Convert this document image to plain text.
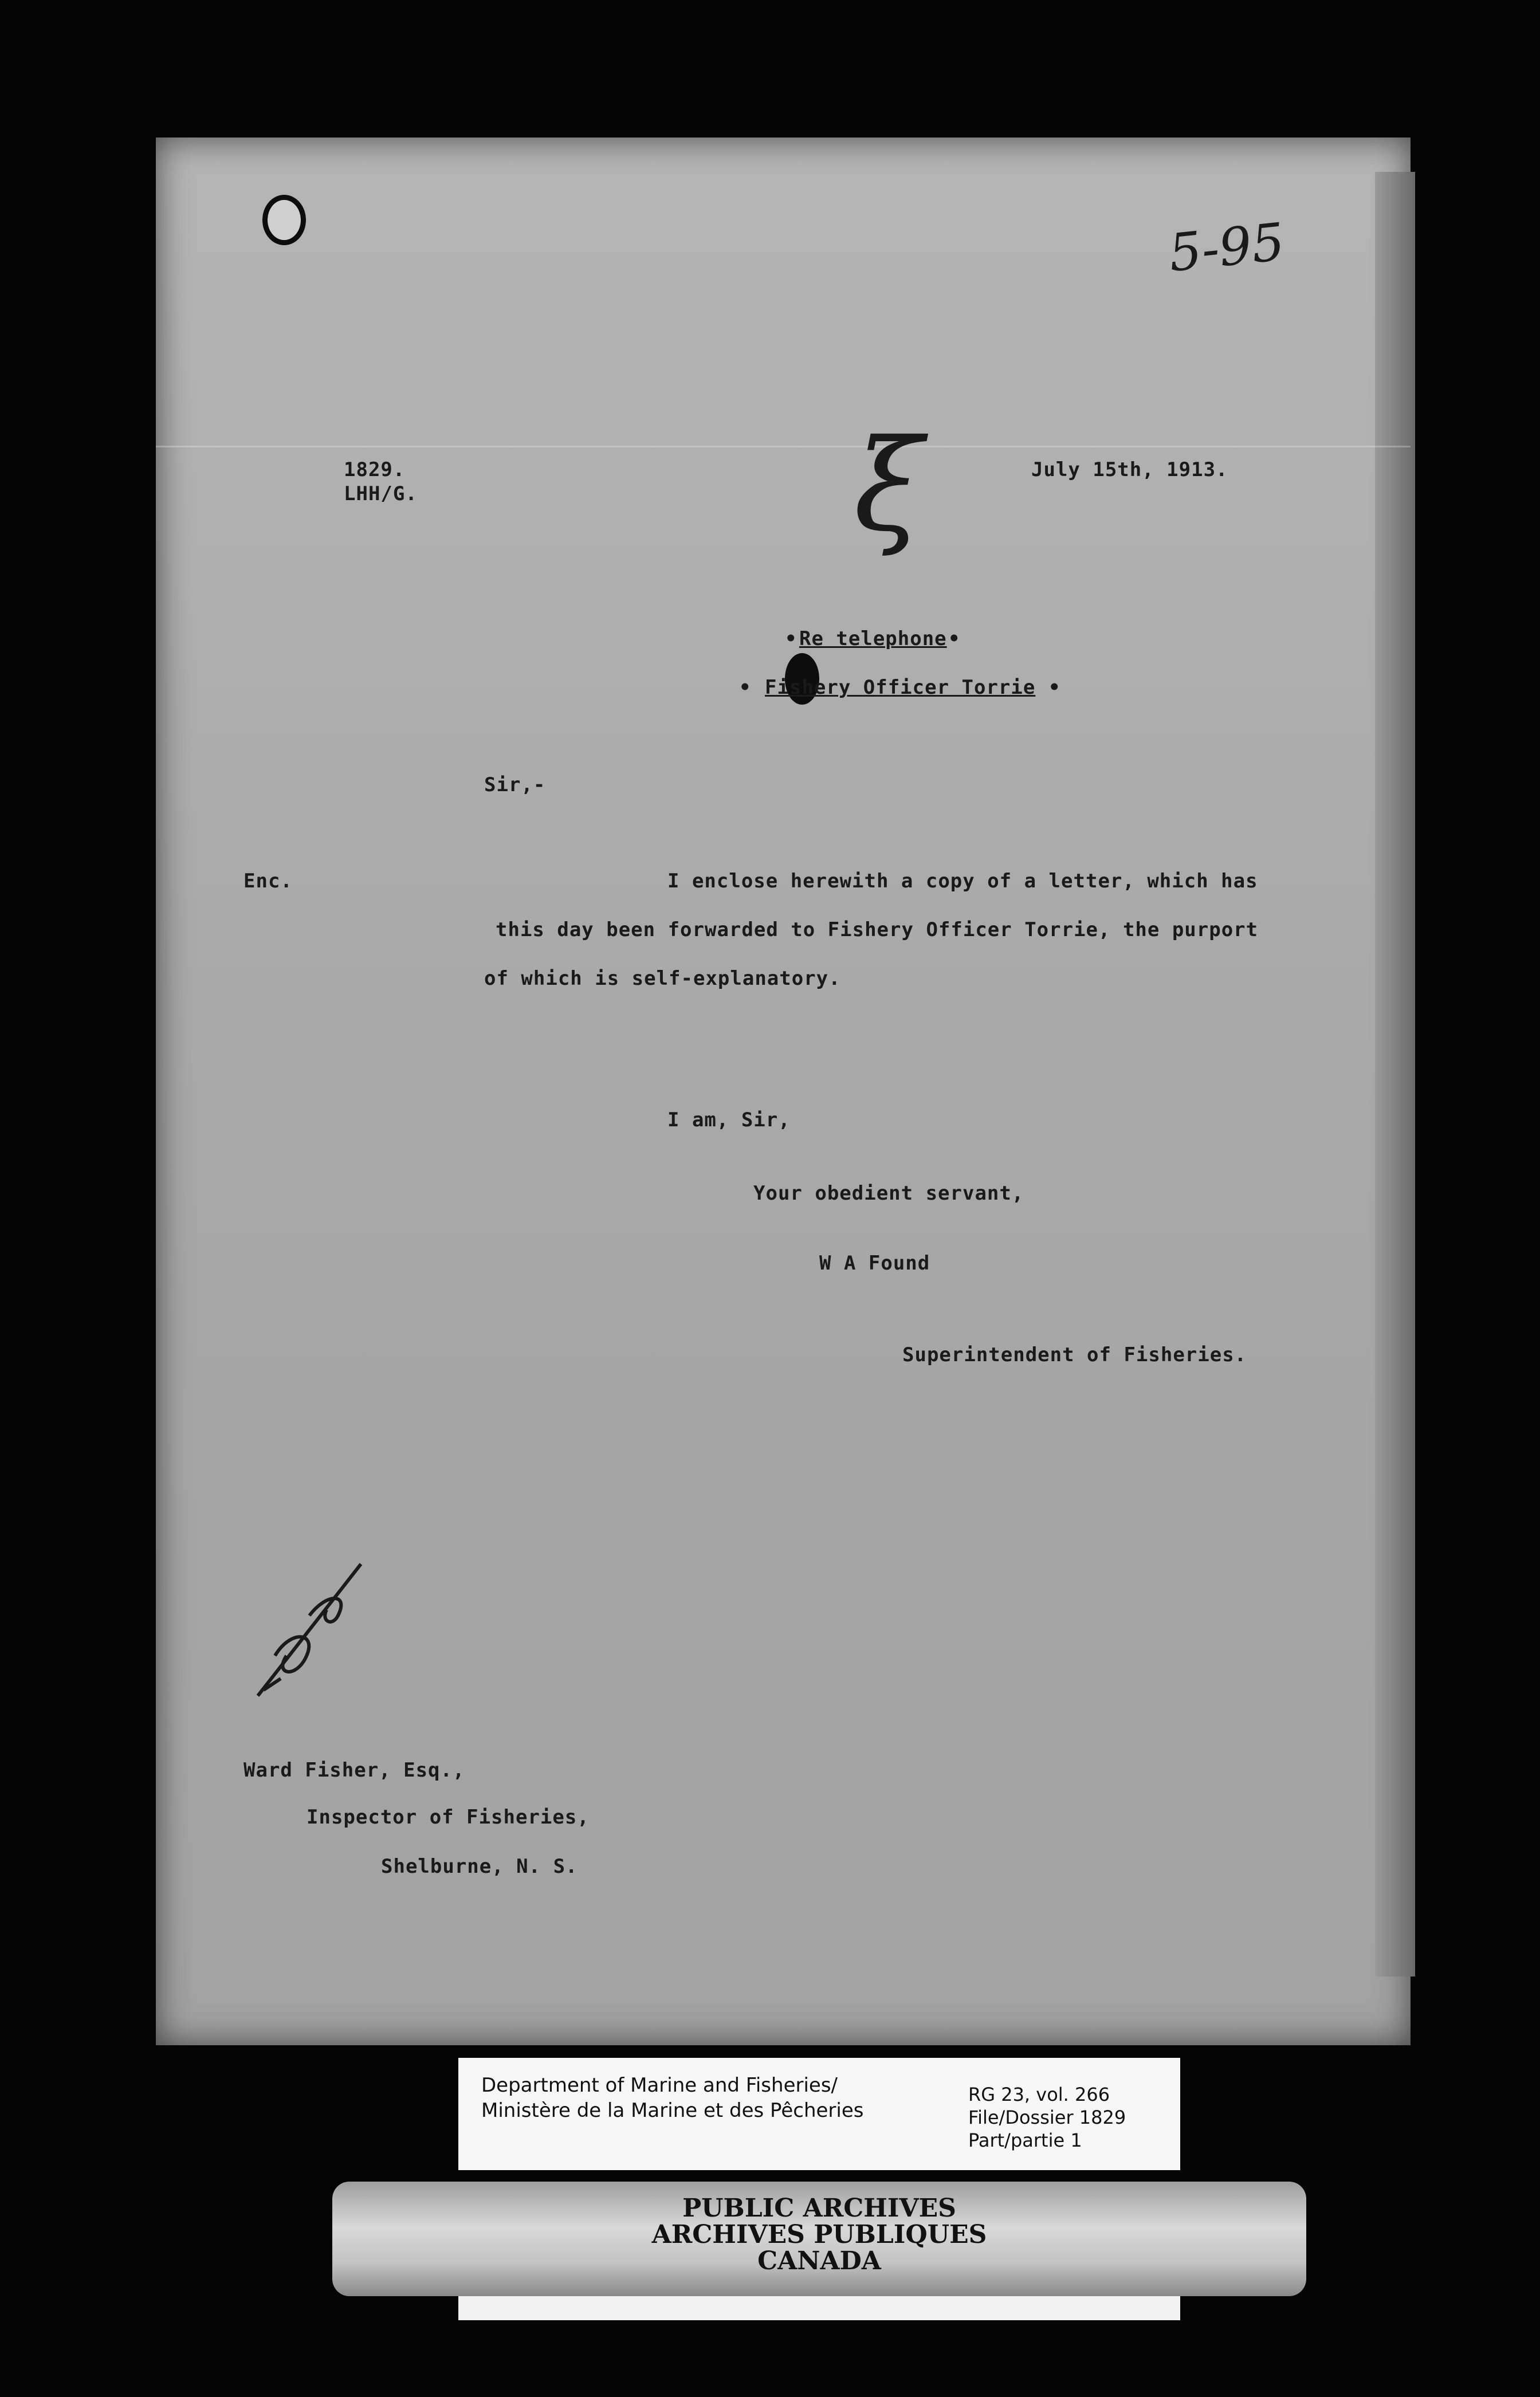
5-95
ξ
1829.
LHH/G.
July 15th, 1913.
• Re telephone •
• Fishery Officer Torrie •
Sir,-
Enc.	I enclose herewith a copy of a letter, which has
this day been forwarded to Fishery Officer Torrie, the purport
of which is self-explanatory.
I am, Sir,
Your obedient servant,
W A Found
Superintendent of Fisheries.
Ward Fisher, Esq.,
Inspector of Fisheries,
Shelburne, N. S.
Department of Marine and Fisheries/
Ministère de la Marine et des Pêcheries
RG 23, vol. 266
File/Dossier 1829
Part/partie 1
PUBLIC ARCHIVES
ARCHIVES PUBLIQUES
CANADA
